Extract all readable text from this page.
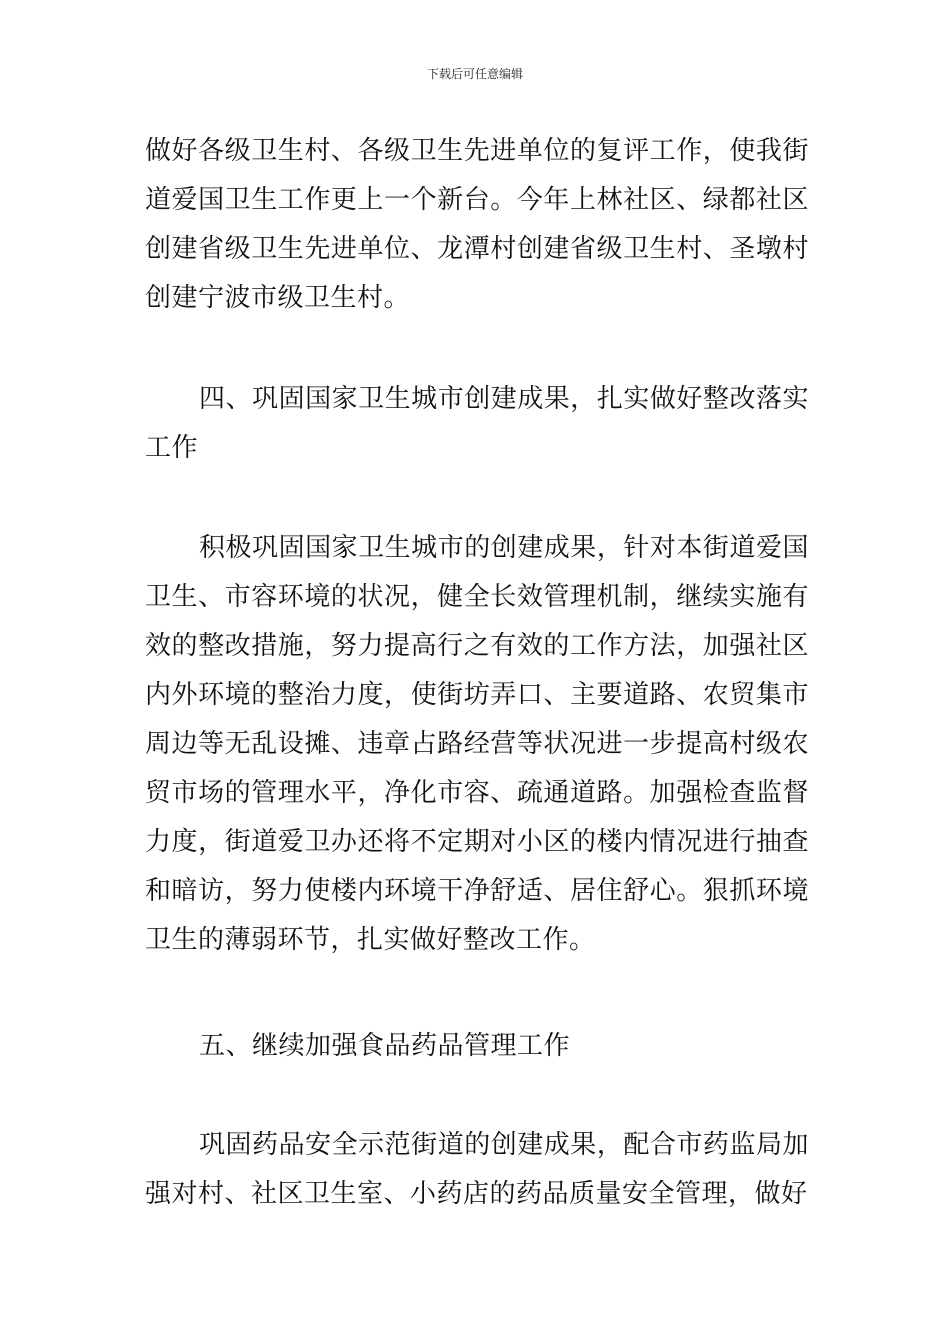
下载后可任意编辑

做好各级卫生村、各级卫生先进单位的复评工作，使我街道爱国卫生工作更上一个新台。今年上林社区、绿都社区创建省级卫生先进单位、龙潭村创建省级卫生村、圣墩村创建宁波市级卫生村。

四、巩固国家卫生城市创建成果，扎实做好整改落实工作

积极巩固国家卫生城市的创建成果，针对本街道爱国卫生、市容环境的状况，健全长效管理机制，继续实施有效的整改措施，努力提高行之有效的工作方法，加强社区内外环境的整治力度，使街坊弄口、主要道路、农贸集市周边等无乱设摊、违章占路经营等状况进一步提高村级农贸市场的管理水平，净化市容、疏通道路。加强检查监督力度，街道爱卫办还将不定期对小区的楼内情况进行抽查和暗访，努力使楼内环境干净舒适、居住舒心。狠抓环境卫生的薄弱环节，扎实做好整改工作。

五、继续加强食品药品管理工作

巩固药品安全示范街道的创建成果，配合市药监局加强对村、社区卫生室、小药店的药品质量安全管理，做好
